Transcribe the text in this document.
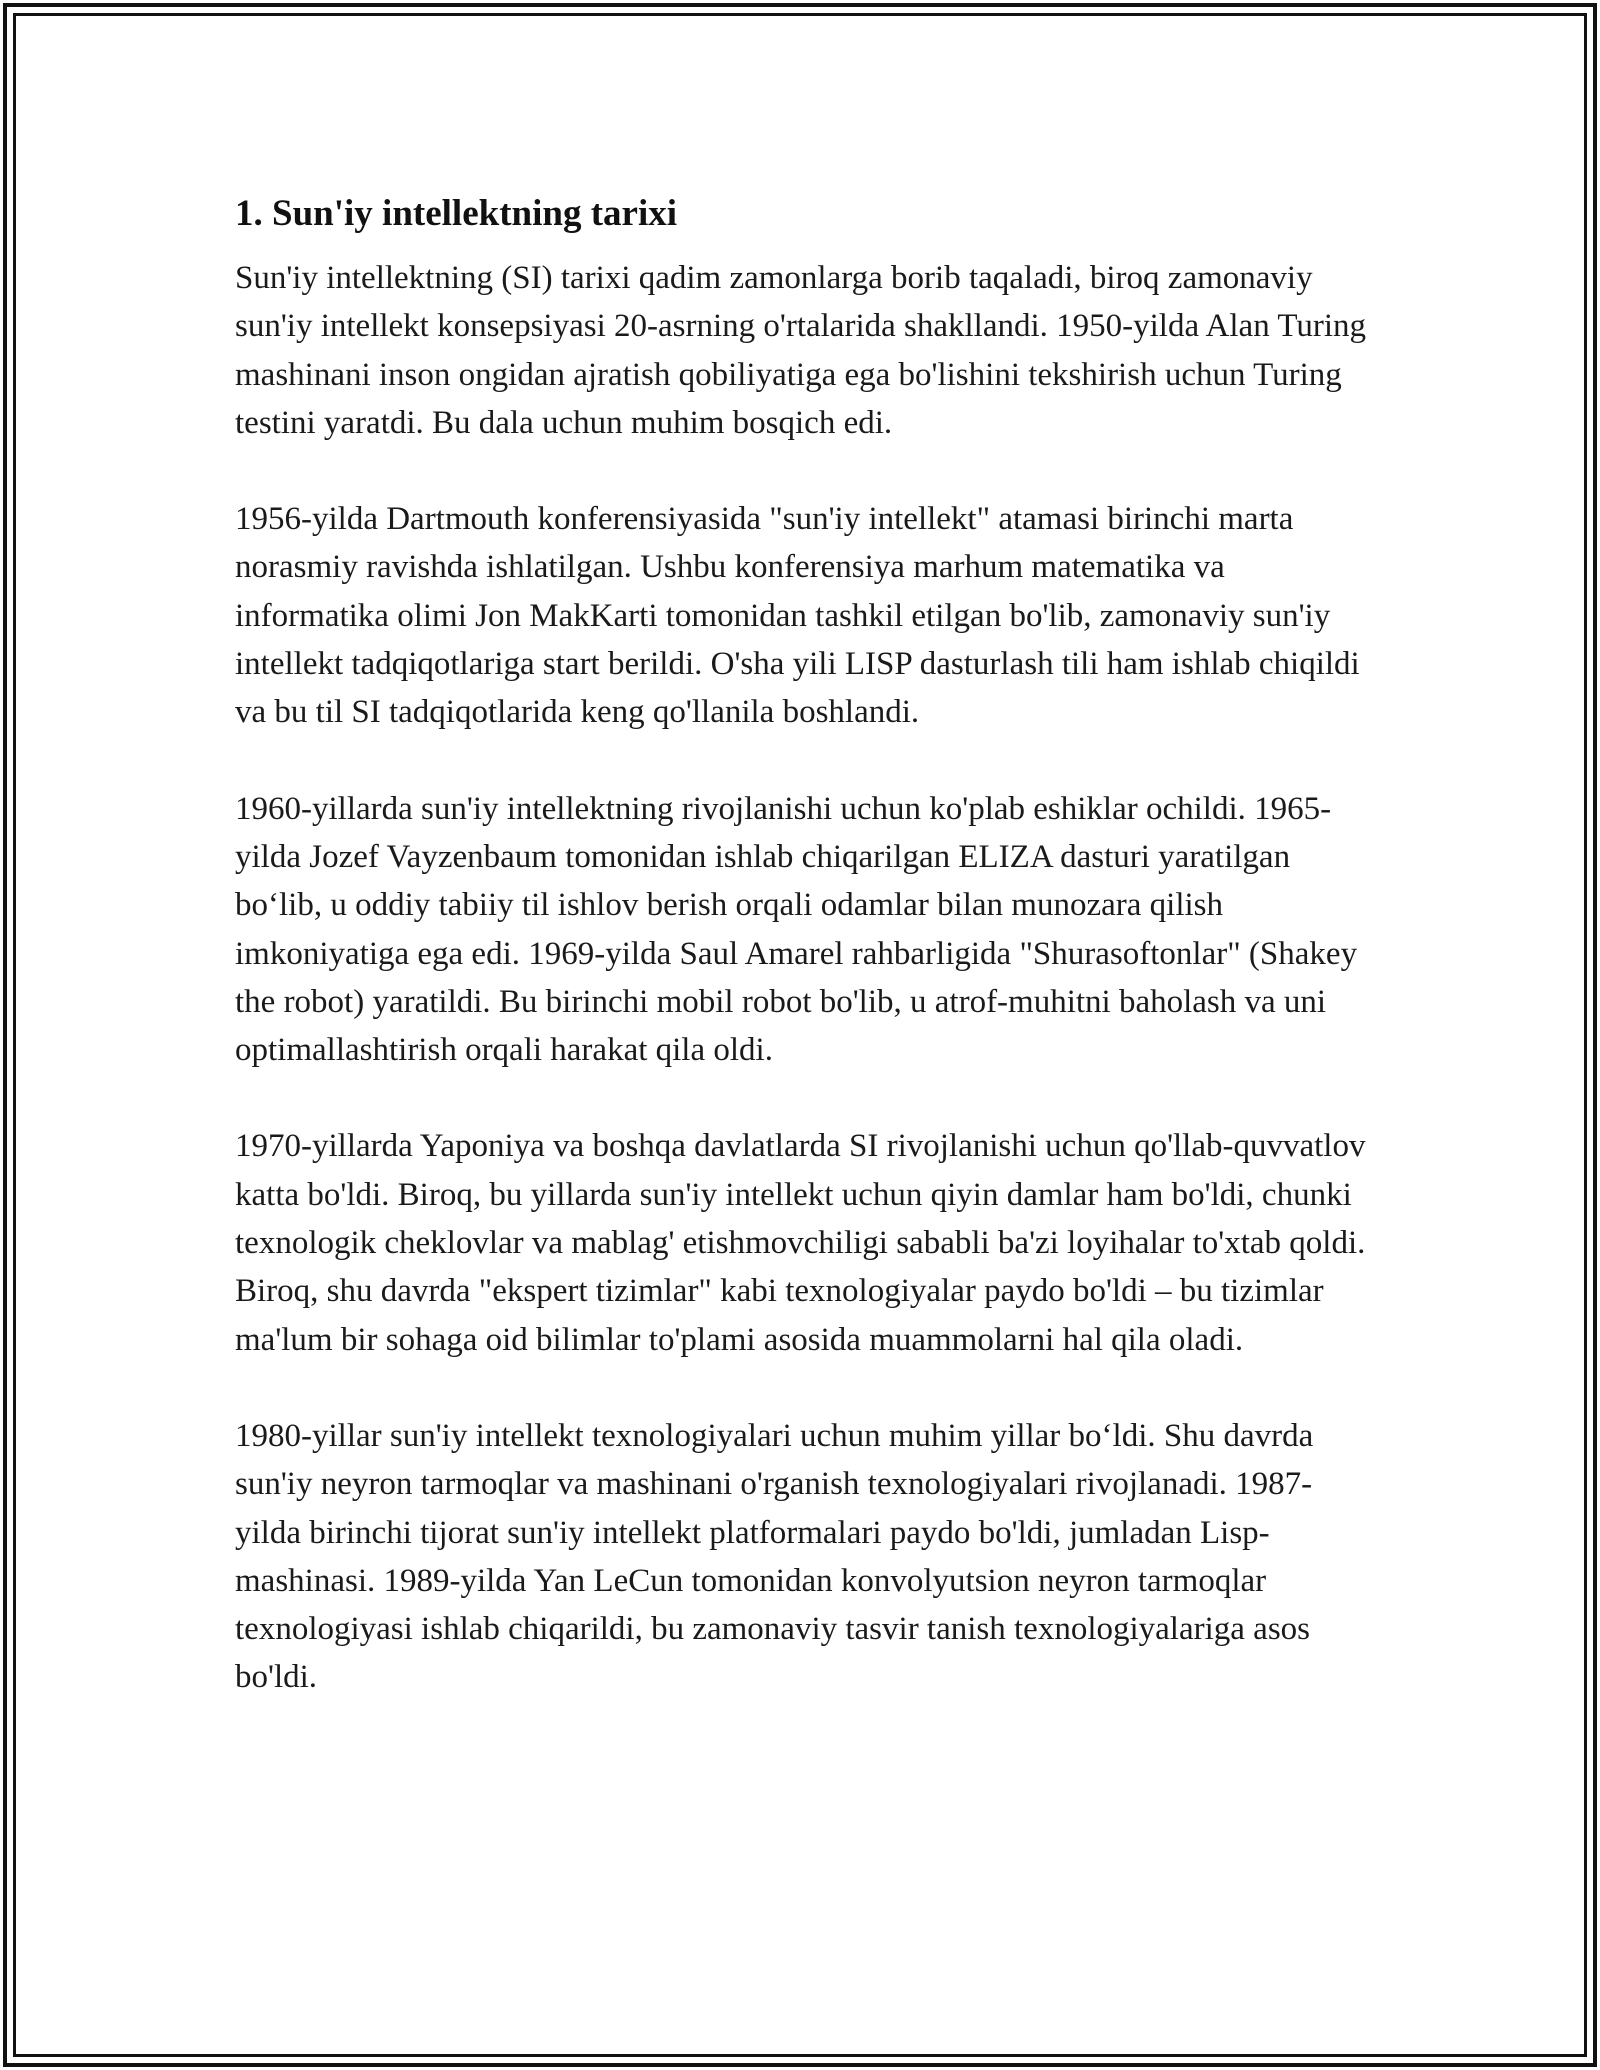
1. Sun'iy intellektning tarixi

Sun'iy intellektning (SI) tarixi qadim zamonlarga borib taqaladi, biroq zamonaviy sun'iy intellekt konsepsiyasi 20-asrning o'rtalarida shakllandi. 1950-yilda Alan Turing mashinani inson ongidan ajratish qobiliyatiga ega bo'lishini tekshirish uchun Turing testini yaratdi. Bu dala uchun muhim bosqich edi.

1956-yilda Dartmouth konferensiyasida "sun'iy intellekt" atamasi birinchi marta norasmiy ravishda ishlatilgan. Ushbu konferensiya marhum matematika va informatika olimi Jon MakKarti tomonidan tashkil etilgan bo'lib, zamonaviy sun'iy intellekt tadqiqotlariga start berildi. O'sha yili LISP dasturlash tili ham ishlab chiqildi va bu til SI tadqiqotlarida keng qo'llanila boshlandi.

1960-yillarda sun'iy intellektning rivojlanishi uchun ko'plab eshiklar ochildi. 1965-yilda Jozef Vayzenbaum tomonidan ishlab chiqarilgan ELIZA dasturi yaratilgan bo‘lib, u oddiy tabiiy til ishlov berish orqali odamlar bilan munozara qilish imkoniyatiga ega edi. 1969-yilda Saul Amarel rahbarligida "Shurasoftonlar" (Shakey the robot) yaratildi. Bu birinchi mobil robot bo'lib, u atrof-muhitni baholash va uni optimallashtirish orqali harakat qila oldi.

1970-yillarda Yaponiya va boshqa davlatlarda SI rivojlanishi uchun qo'llab-quvvatlov katta bo'ldi. Biroq, bu yillarda sun'iy intellekt uchun qiyin damlar ham bo'ldi, chunki texnologik cheklovlar va mablag' etishmovchiligi sababli ba'zi loyihalar to'xtab qoldi. Biroq, shu davrda "ekspert tizimlar" kabi texnologiyalar paydo bo'ldi – bu tizimlar ma'lum bir sohaga oid bilimlar to'plami asosida muammolarni hal qila oladi.

1980-yillar sun'iy intellekt texnologiyalari uchun muhim yillar bo‘ldi. Shu davrda sun'iy neyron tarmoqlar va mashinani o'rganish texnologiyalari rivojlanadi. 1987-yilda birinchi tijorat sun'iy intellekt platformalari paydo bo'ldi, jumladan Lisp-mashinasi. 1989-yilda Yan LeCun tomonidan konvolyutsion neyron tarmoqlar texnologiyasi ishlab chiqarildi, bu zamonaviy tasvir tanish texnologiyalariga asos bo'ldi.
